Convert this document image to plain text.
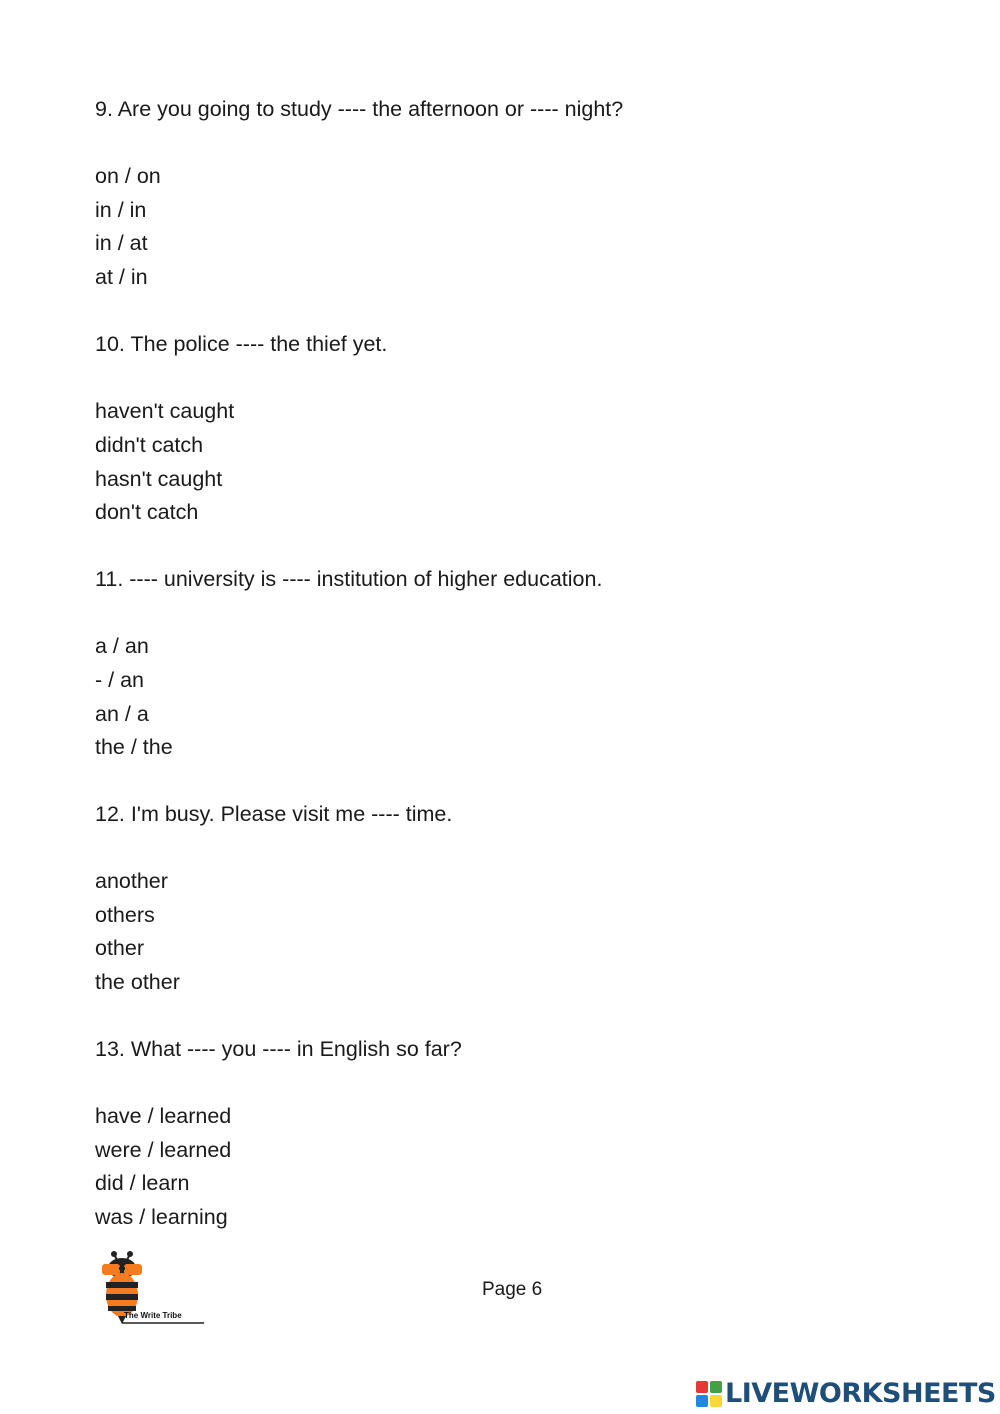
9. Are you going to study ---- the afternoon or ---- night?
on / on
in / in
in / at
at / in
10. The police ---- the thief yet.
haven't caught
didn't catch
hasn't caught
don't catch
11. ---- university is ---- institution of higher education.
a / an
- / an
an / a
the / the
12. I'm busy. Please visit me ---- time.
another
others
other
the other
13. What ---- you ---- in English so far?
have / learned
were / learned
did / learn
was / learning
The Write Tribe
Page 6
LIVEWORKSHEETS
